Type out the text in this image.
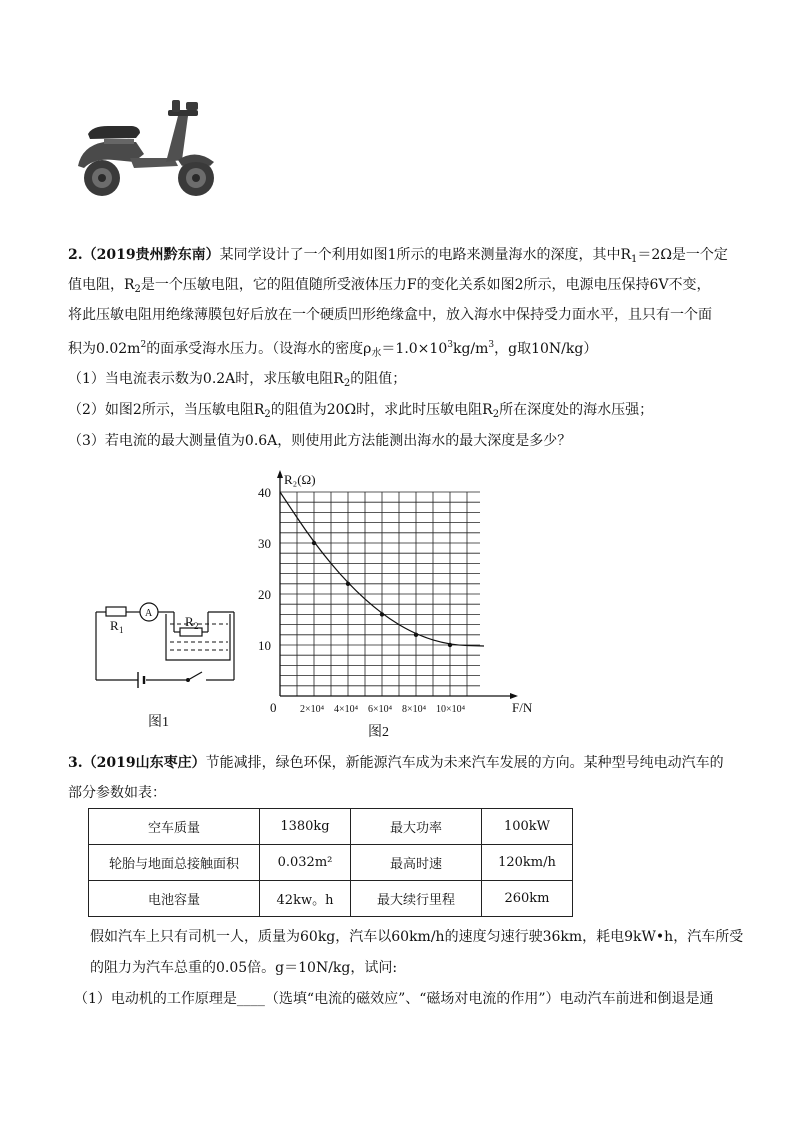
2.（2019贵州黔东南）某同学设计了一个利用如图1所示的电路来测量海水的深度，其中$R_1=2\Omega$是一个定
值电阻，$R_2$是一个压敏电阻，它的阻值随所受液体压力F的变化关系如图2所示，电源电压保持6V不变，
将此压敏电阻用绝缘薄膜包好后放在一个硬质凹形绝缘盒中，放入海水中保持受力面水平，且只有一个面
积为$0.02m^2$的面承受海水压力。（设海水的密度$\rho_水=1.0\times 10^3kg/m^3$，g取10N/kg）
（1）当电流表示数为0.2A时，求压敏电阻$R_2$的阻值；
（2）如图2所示，当压敏电阻$R_2$的阻值为20Ω时，求此时压敏电阻$R_2$所在深度处的海水压强；
（3）若电流的最大测量值为0.6A，则使用此方法能测出海水的最大深度是多少？
R 1
A
R 2
图1
10
20
30
40
2×10⁴ 4×10⁴ 6×10⁴ 8×10⁴ 10×10⁴
R₂(Ω)
F/N
0
图2
3.（2019山东枣庄）节能减排，绿色环保，新能源汽车成为未来汽车发展的方向。某种型号纯电动汽车的
部分参数如表：
空车质量	1380kg	最大功率	100kW
轮胎与地面总接触面积	0.032m²	最高时速	120km/h
电池容量	42kw。h	最大续行里程	260km
假如汽车上只有司机一人，质量为60kg，汽车以60km/h的速度匀速行驶36km，耗电9kW•h，汽车所受
的阻力为汽车总重的0.05倍。g＝10N/kg，试问:
（1）电动机的工作原理是____（选填“电流的磁效应”、“磁场对电流的作用”）电动汽车前进和倒退是通
